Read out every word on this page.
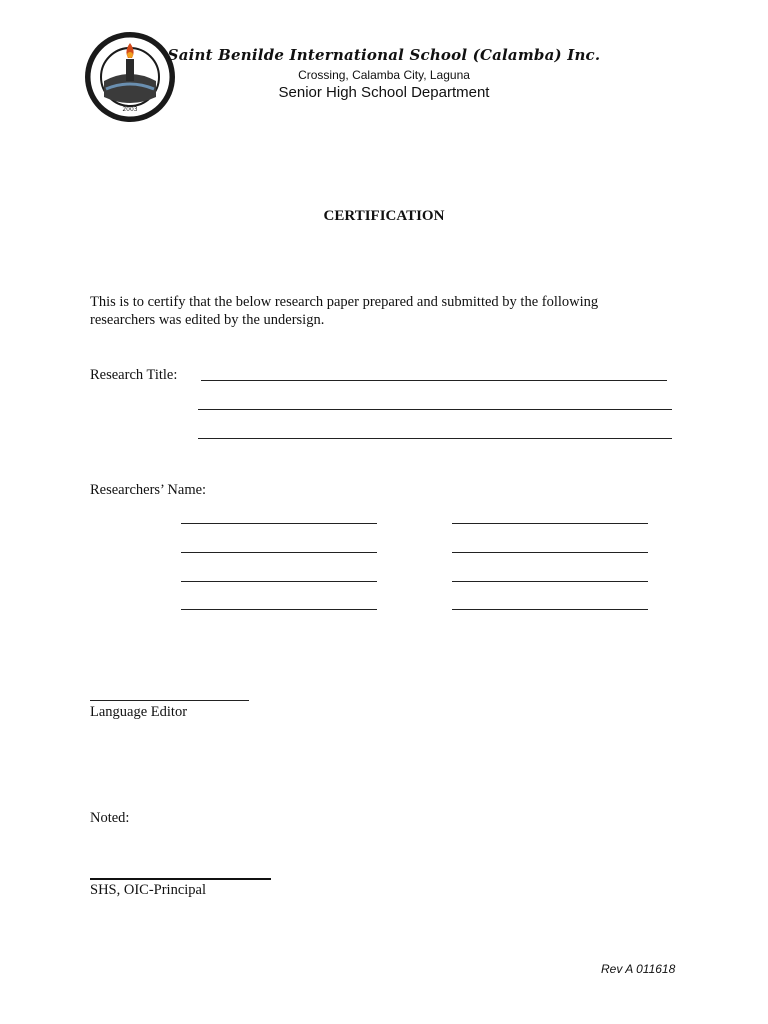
2003
Saint Benilde International School (Calamba) Inc.
Crossing, Calamba City, Laguna
Senior High School Department
CERTIFICATION
This is to certify that the below research paper prepared and submitted by the following
researchers was edited by the undersign.
Research Title:
Researchers’ Name:
Language Editor
Noted:
SHS, OIC-Principal
Rev A 011618
